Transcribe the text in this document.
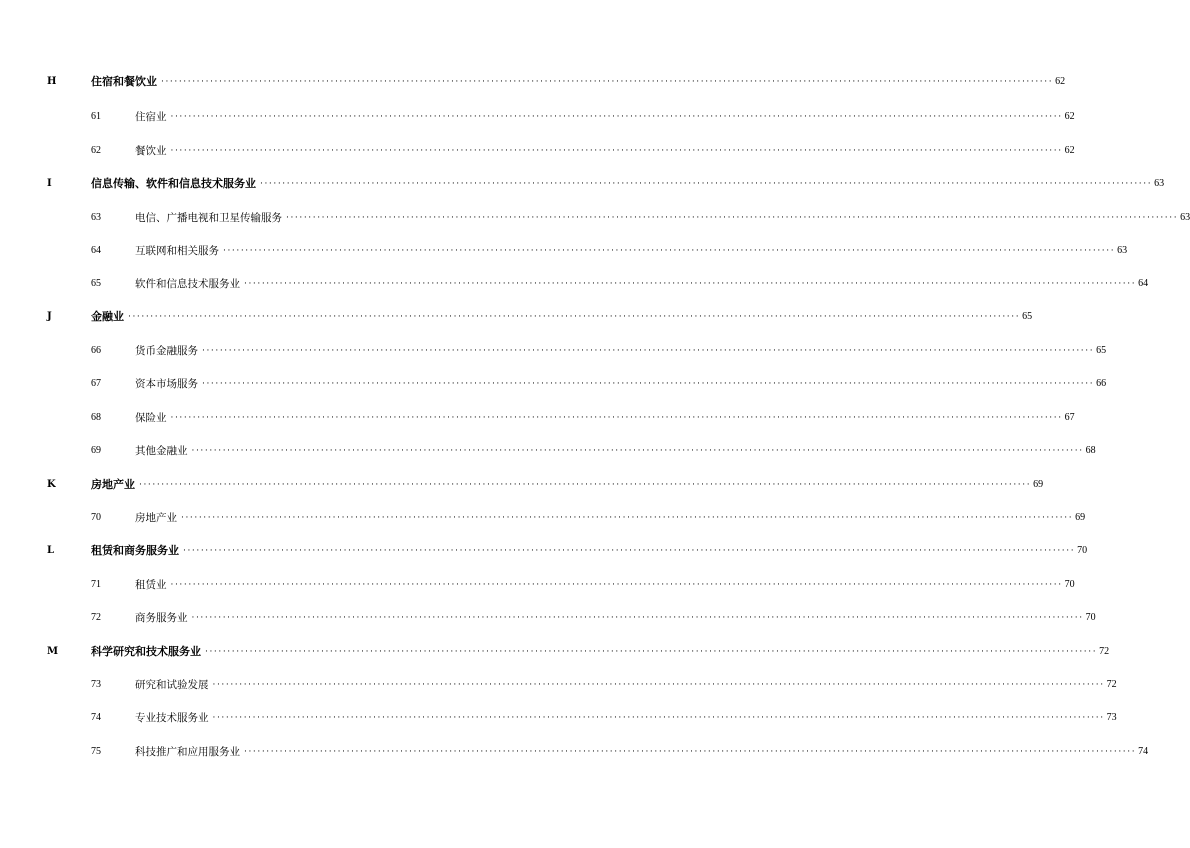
H	住宿和餐饮业 ········································································································································································································ 62
61	住宿业 ········································································································································································································ 62
62	餐饮业 ········································································································································································································ 62
I	信息传输、软件和信息技术服务业 ········································································································································································································ 63
63	电信、广播电视和卫星传输服务 ········································································································································································································ 63
64	互联网和相关服务 ········································································································································································································ 63
65	软件和信息技术服务业 ········································································································································································································ 64
J	金融业 ········································································································································································································ 65
66	货币金融服务 ········································································································································································································ 65
67	资本市场服务 ········································································································································································································ 66
68	保险业 ········································································································································································································ 67
69	其他金融业 ········································································································································································································ 68
K	房地产业 ········································································································································································································ 69
70	房地产业 ········································································································································································································ 69
L	租赁和商务服务业 ········································································································································································································ 70
71	租赁业 ········································································································································································································ 70
72	商务服务业 ········································································································································································································ 70
M	科学研究和技术服务业 ········································································································································································································ 72
73	研究和试验发展 ········································································································································································································ 72
74	专业技术服务业 ········································································································································································································ 73
75	科技推广和应用服务业 ········································································································································································································ 74
